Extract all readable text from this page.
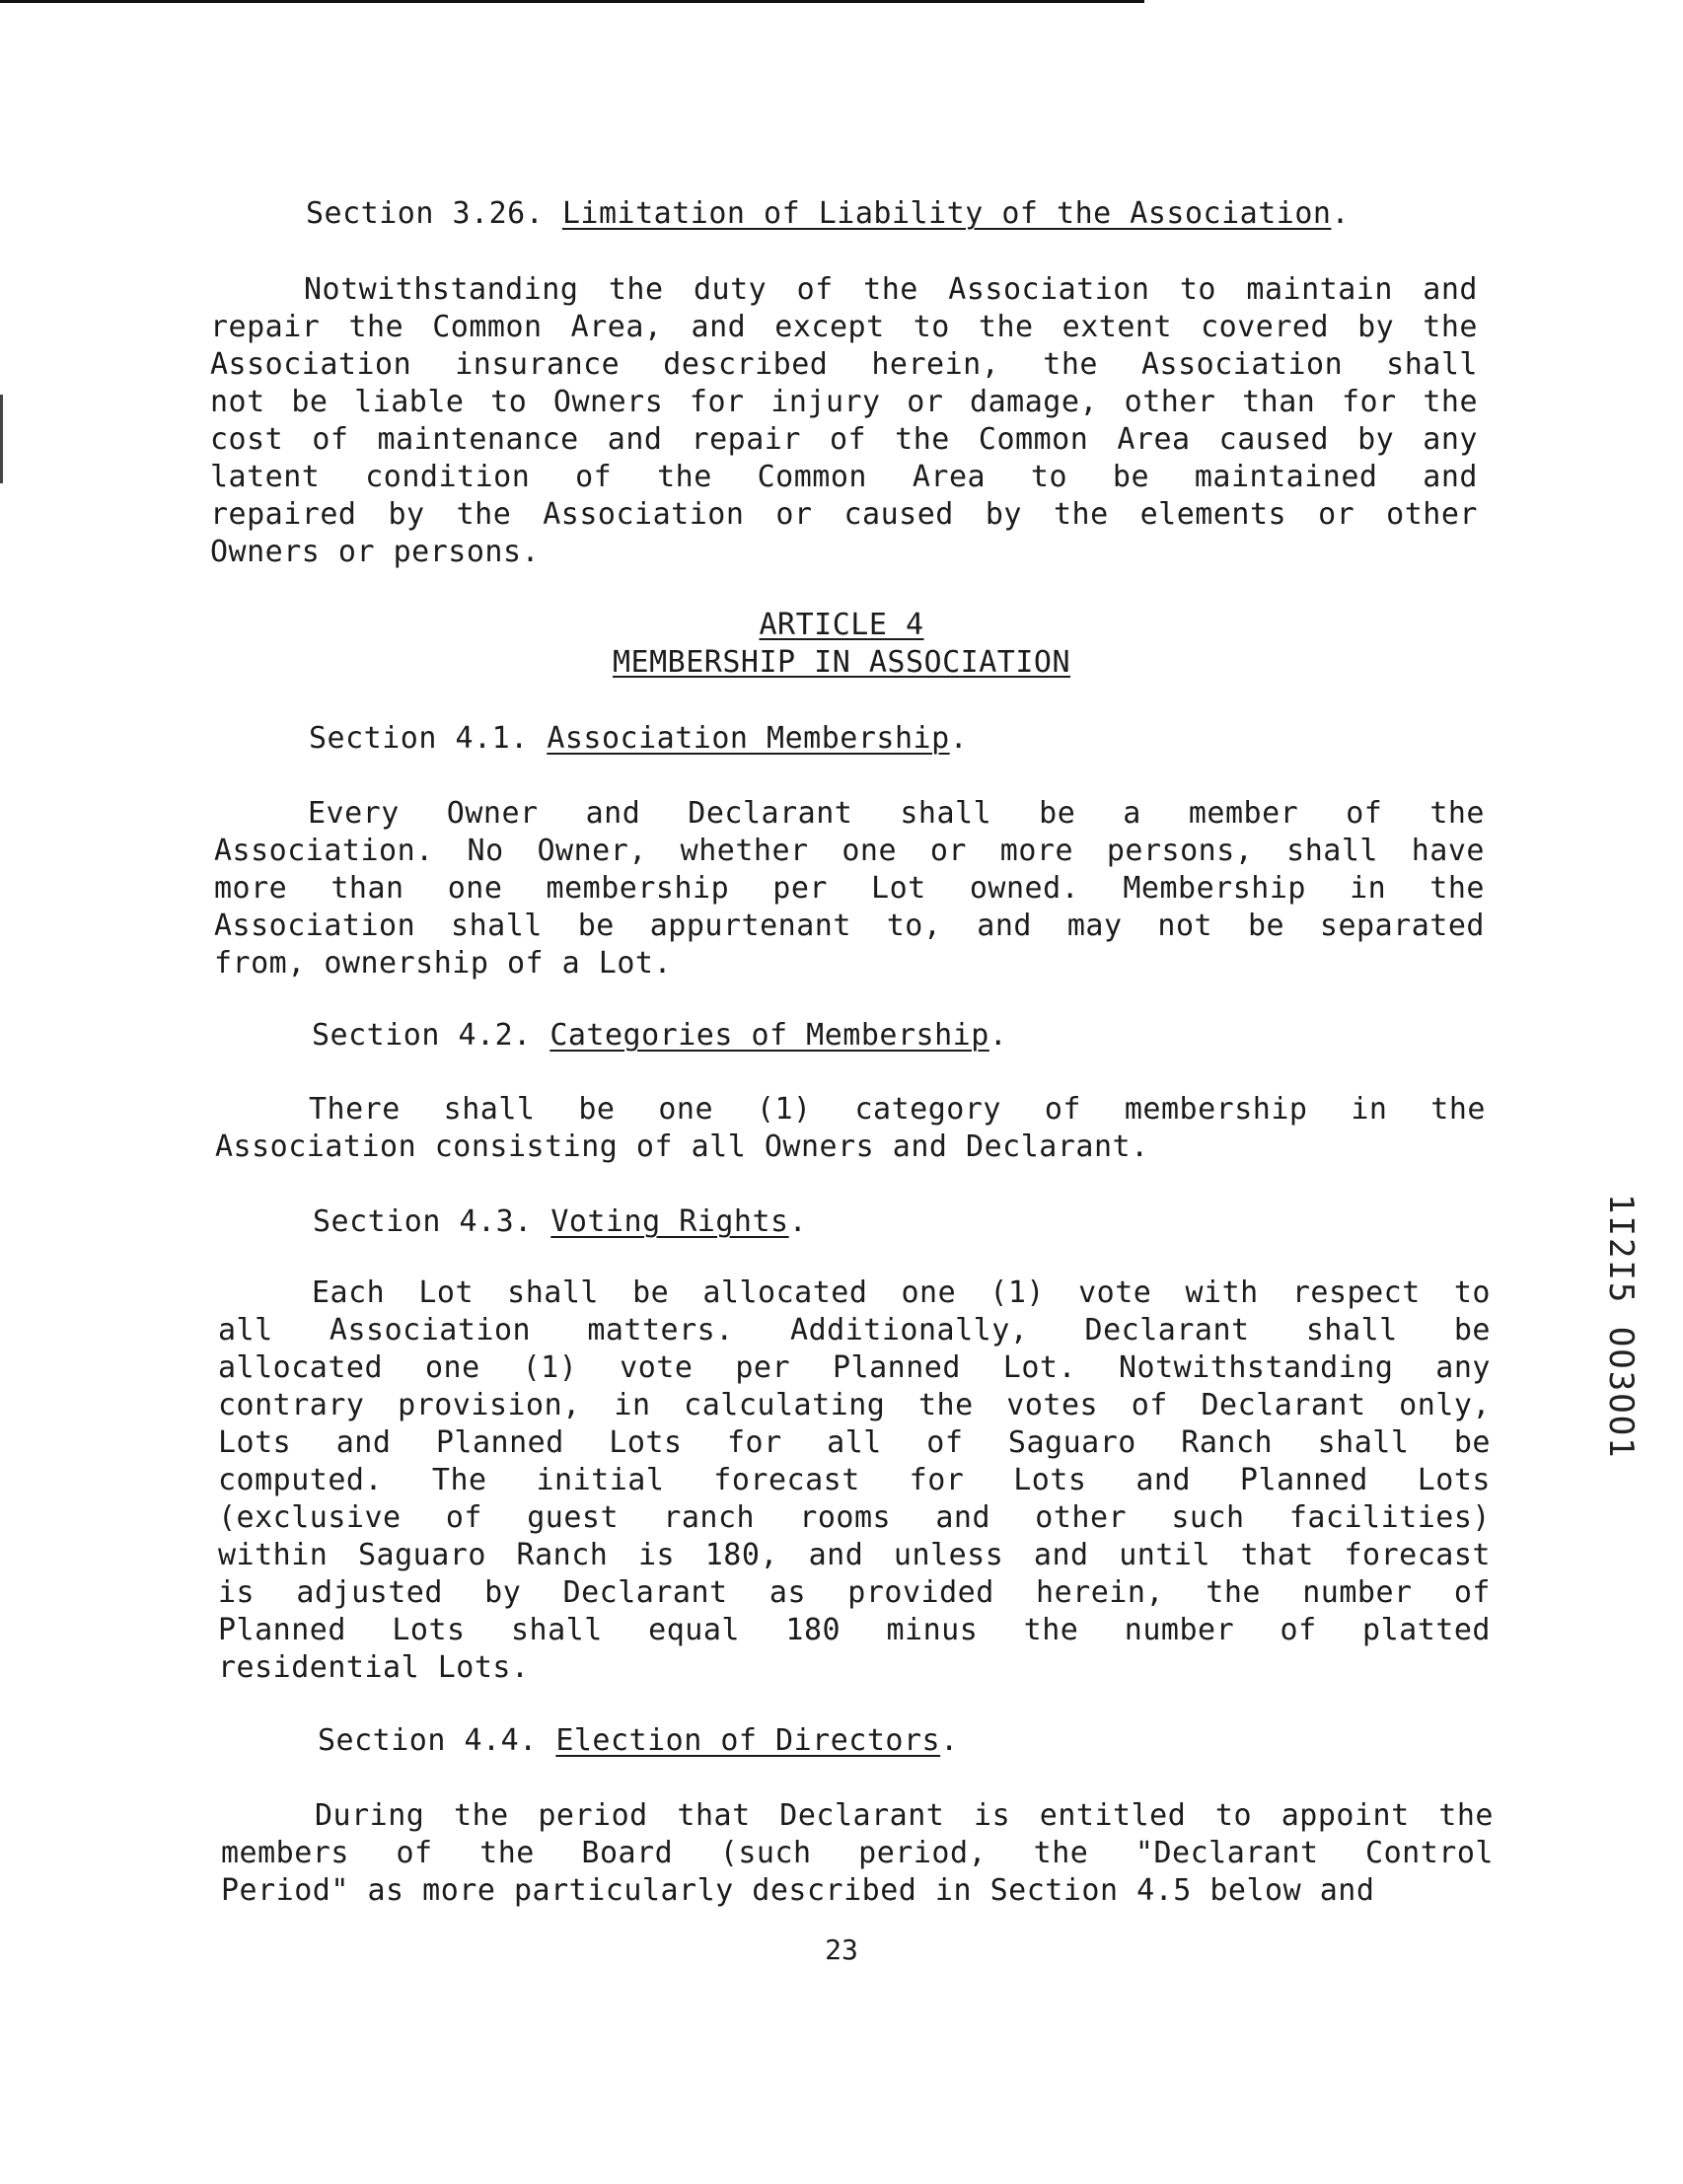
Section 3.26. Limitation of Liability of the Association.
Notwithstanding the duty of the Association to maintain and
repair the Common Area, and except to the extent covered by the
Association insurance described herein, the Association shall
not be liable to Owners for injury or damage, other than for the
cost of maintenance and repair of the Common Area caused by any
latent condition of the Common Area to be maintained and
repaired by the Association or caused by the elements or other
Owners or persons.
ARTICLE 4
MEMBERSHIP IN ASSOCIATION
Section 4.1. Association Membership.
Every Owner and Declarant shall be a member of the
Association. No Owner, whether one or more persons, shall have
more than one membership per Lot owned. Membership in the
Association shall be appurtenant to, and may not be separated
from, ownership of a Lot.
Section 4.2. Categories of Membership.
There shall be one (1) category of membership in the
Association consisting of all Owners and Declarant.
Section 4.3. Voting Rights.
Each Lot shall be allocated one (1) vote with respect to
all Association matters. Additionally, Declarant shall be
allocated one (1) vote per Planned Lot. Notwithstanding any
contrary provision, in calculating the votes of Declarant only,
Lots and Planned Lots for all of Saguaro Ranch shall be
computed. The initial forecast for Lots and Planned Lots
(exclusive of guest ranch rooms and other such facilities)
within Saguaro Ranch is 180, and unless and until that forecast
is adjusted by Declarant as provided herein, the number of
Planned Lots shall equal 180 minus the number of platted
residential Lots.
Section 4.4. Election of Directors.
During the period that Declarant is entitled to appoint the
members of the Board (such period, the "Declarant Control
Period" as more particularly described in Section 4.5 below and
23
1I2I5 OO3OO1
